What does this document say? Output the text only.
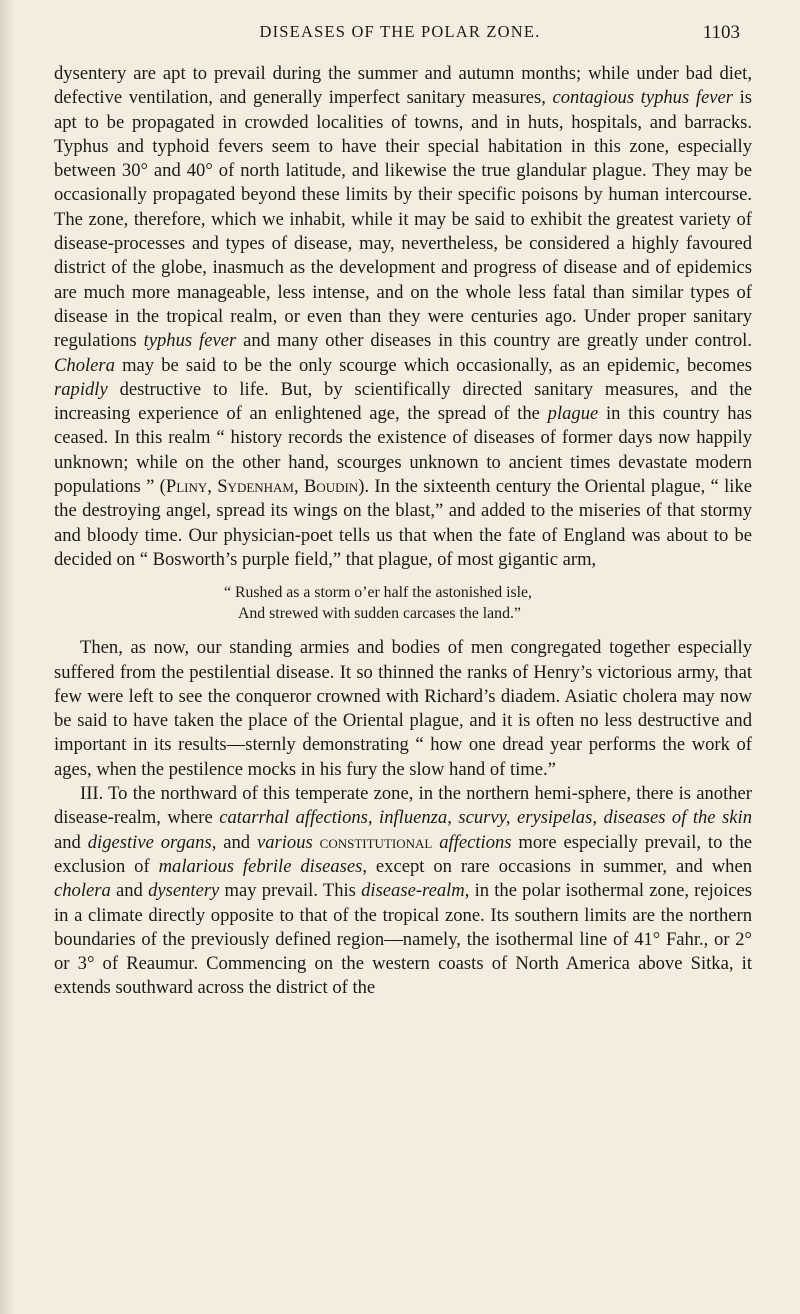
DISEASES OF THE POLAR ZONE.	1103

dysentery are apt to prevail during the summer and autumn months; while under bad diet, defective ventilation, and generally imperfect sanitary measures, contagious typhus fever is apt to be propagated in crowded localities of towns, and in huts, hospitals, and barracks. Typhus and typhoid fevers seem to have their special habitation in this zone, especially between 30° and 40° of north latitude, and likewise the true glandular plague. They may be occasionally propagated beyond these limits by their specific poisons by human intercourse. The zone, therefore, which we inhabit, while it may be said to exhibit the greatest variety of disease-processes and types of disease, may, nevertheless, be considered a highly favoured district of the globe, inasmuch as the development and progress of disease and of epidemics are much more manageable, less intense, and on the whole less fatal than similar types of disease in the tropical realm, or even than they were centuries ago. Under proper sanitary regulations typhus fever and many other diseases in this country are greatly under control. Cholera may be said to be the only scourge which occasionally, as an epidemic, becomes rapidly destructive to life. But, by scientifically directed sanitary measures, and the increasing experience of an enlightened age, the spread of the plague in this country has ceased. In this realm “ history records the existence of diseases of former days now happily unknown; while on the other hand, scourges unknown to ancient times devastate modern populations ” (Pliny, Sydenham, Boudin). In the sixteenth century the Oriental plague, “ like the destroying angel, spread its wings on the blast,” and added to the miseries of that stormy and bloody time. Our physician-poet tells us that when the fate of England was about to be decided on “ Bosworth’s purple field,” that plague, of most gigantic arm,

“ Rushed as a storm o’er half the astonished isle,
And strewed with sudden carcases the land.”

Then, as now, our standing armies and bodies of men congregated together especially suffered from the pestilential disease. It so thinned the ranks of Henry’s victorious army, that few were left to see the conqueror crowned with Richard’s diadem. Asiatic cholera may now be said to have taken the place of the Oriental plague, and it is often no less destructive and important in its results—sternly demonstrating “ how one dread year performs the work of ages, when the pestilence mocks in his fury the slow hand of time.”

III. To the northward of this temperate zone, in the northern hemi-sphere, there is another disease-realm, where catarrhal affections, influenza, scurvy, erysipelas, diseases of the skin and digestive organs, and various constitutional affections more especially prevail, to the exclusion of malarious febrile diseases, except on rare occasions in summer, and when cholera and dysentery may prevail. This disease-realm, in the polar isothermal zone, rejoices in a climate directly opposite to that of the tropical zone. Its southern limits are the northern boundaries of the previously defined region—namely, the isothermal line of 41° Fahr., or 2° or 3° of Reaumur. Commencing on the western coasts of North America above Sitka, it extends southward across the district of the
